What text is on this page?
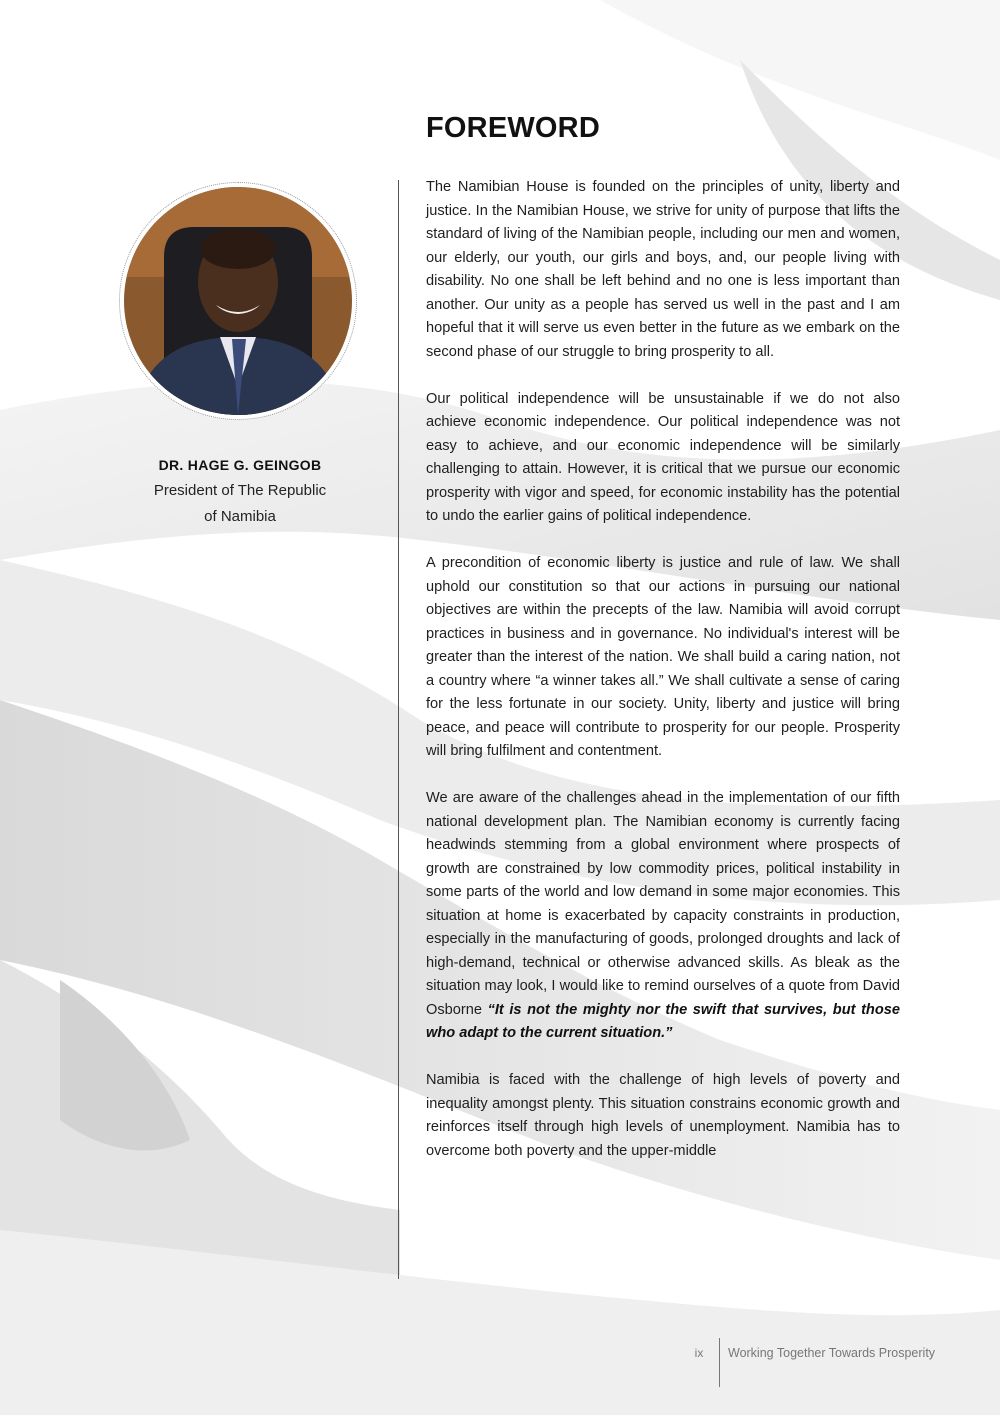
DR. HAGE G. GEINGOB
President of The Republic
of Namibia
FOREWORD

The Namibian House is founded on the principles of unity, liberty and justice. In the Namibian House, we strive for unity of purpose that lifts the standard of living of the Namibian people, including our men and women, our elderly, our youth, our girls and boys, and, our people living with disability. No one shall be left behind and no one is less important than another. Our unity as a people has served us well in the past and I am hopeful that it will serve us even better in the future as we embark on the second phase of our struggle to bring prosperity to all.

Our political independence will be unsustainable if we do not also achieve economic independence. Our political independence was not easy to achieve, and our economic independence will be similarly challenging to attain. However, it is critical that we pursue our economic prosperity with vigor and speed, for economic instability has the potential to undo the earlier gains of political independence.

A precondition of economic liberty is justice and rule of law. We shall uphold our constitution so that our actions in pursuing our national objectives are within the precepts of the law. Namibia will avoid corrupt practices in business and in governance. No individual's interest will be greater than the interest of the nation. We shall build a caring nation, not a country where “a winner takes all.” We shall cultivate a sense of caring for the less fortunate in our society. Unity, liberty and justice will bring peace, and peace will contribute to prosperity for our people. Prosperity will bring fulfilment and contentment.

We are aware of the challenges ahead in the implementation of our fifth national development plan. The Namibian economy is currently facing headwinds stemming from a global environment where prospects of growth are constrained by low commodity prices, political instability in some parts of the world and low demand in some major economies. This situation at home is exacerbated by capacity constraints in production, especially in the manufacturing of goods, prolonged droughts and lack of high-demand, technical or otherwise advanced skills. As bleak as the situation may look, I would like to remind ourselves of a quote from David Osborne “It is not the mighty nor the swift that survives, but those who adapt to the current situation.”

Namibia is faced with the challenge of high levels of poverty and inequality amongst plenty. This situation constrains economic growth and reinforces itself through high levels of unemployment. Namibia has to overcome both poverty and the upper-middle

ix	Working Together Towards Prosperity
